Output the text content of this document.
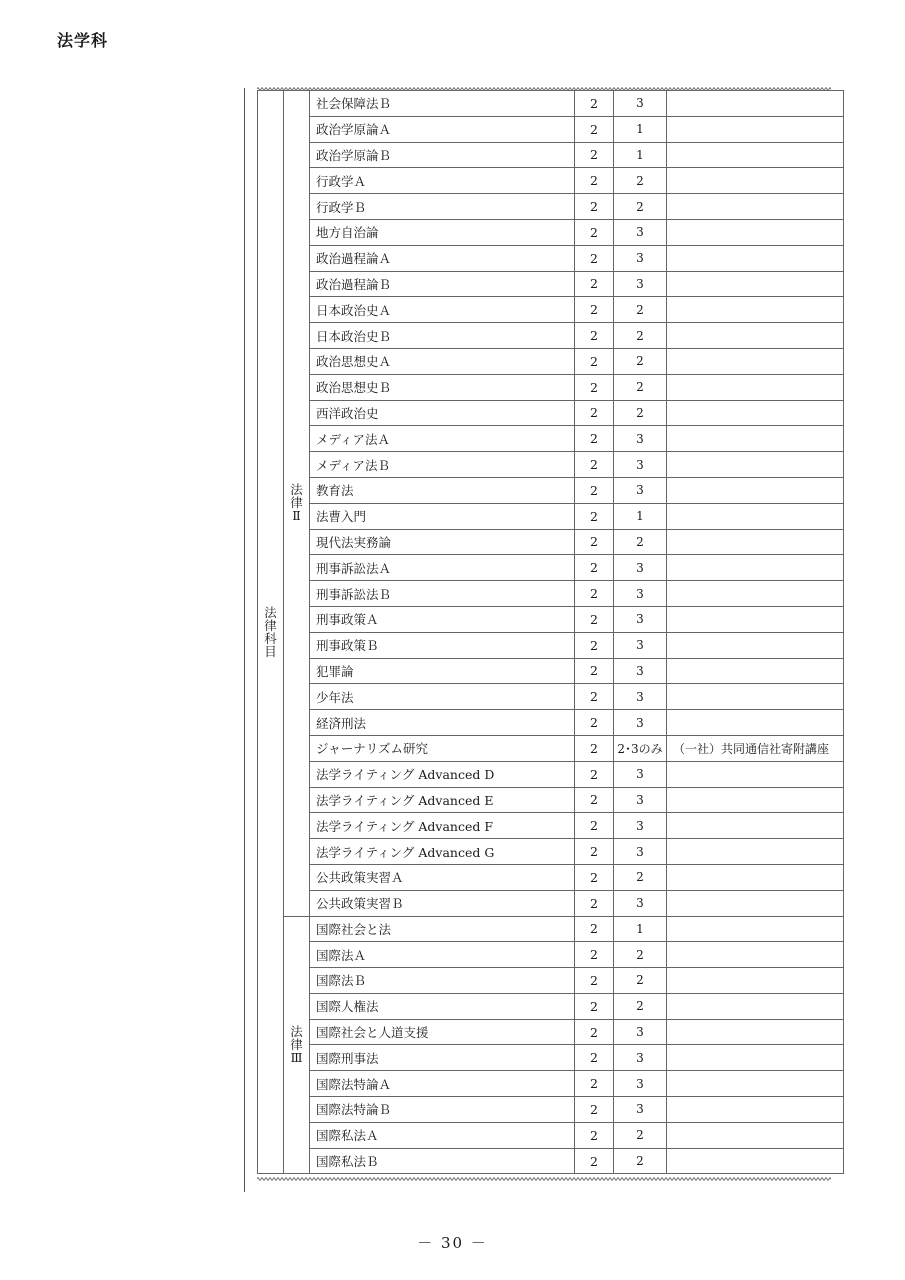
法学科
法
律
科
目	法
律
Ⅱ	社会保障法Ｂ	2	3	
		政治学原論Ａ	2	1	
		政治学原論Ｂ	2	1	
		行政学Ａ	2	2	
		行政学Ｂ	2	2	
		地方自治論	2	3	
		政治過程論Ａ	2	3	
		政治過程論Ｂ	2	3	
		日本政治史Ａ	2	2	
		日本政治史Ｂ	2	2	
		政治思想史Ａ	2	2	
		政治思想史Ｂ	2	2	
		西洋政治史	2	2	
		メディア法Ａ	2	3	
		メディア法Ｂ	2	3	
		教育法	2	3	
		法曹入門	2	1	
		現代法実務論	2	2	
		刑事訴訟法Ａ	2	3	
		刑事訴訟法Ｂ	2	3	
		刑事政策Ａ	2	3	
		刑事政策Ｂ	2	3	
		犯罪論	2	3	
		少年法	2	3	
		経済刑法	2	3	
		ジャーナリズム研究	2	2･3のみ	（一社）共同通信社寄附講座
		法学ライティング Advanced D	2	3	
		法学ライティング Advanced E	2	3	
		法学ライティング Advanced F	2	3	
		法学ライティング Advanced G	2	3	
		公共政策実習Ａ	2	2	
		公共政策実習Ｂ	2	3	

	法
律
Ⅲ	国際社会と法	2	1	
		国際法Ａ	2	2	
		国際法Ｂ	2	2	
		国際人権法	2	2	
		国際社会と人道支援	2	3	
		国際刑事法	2	3	
		国際法特論Ａ	2	3	
		国際法特論Ｂ	2	3	
		国際私法Ａ	2	2	
		国際私法Ｂ	2	2	
－ 30 －
